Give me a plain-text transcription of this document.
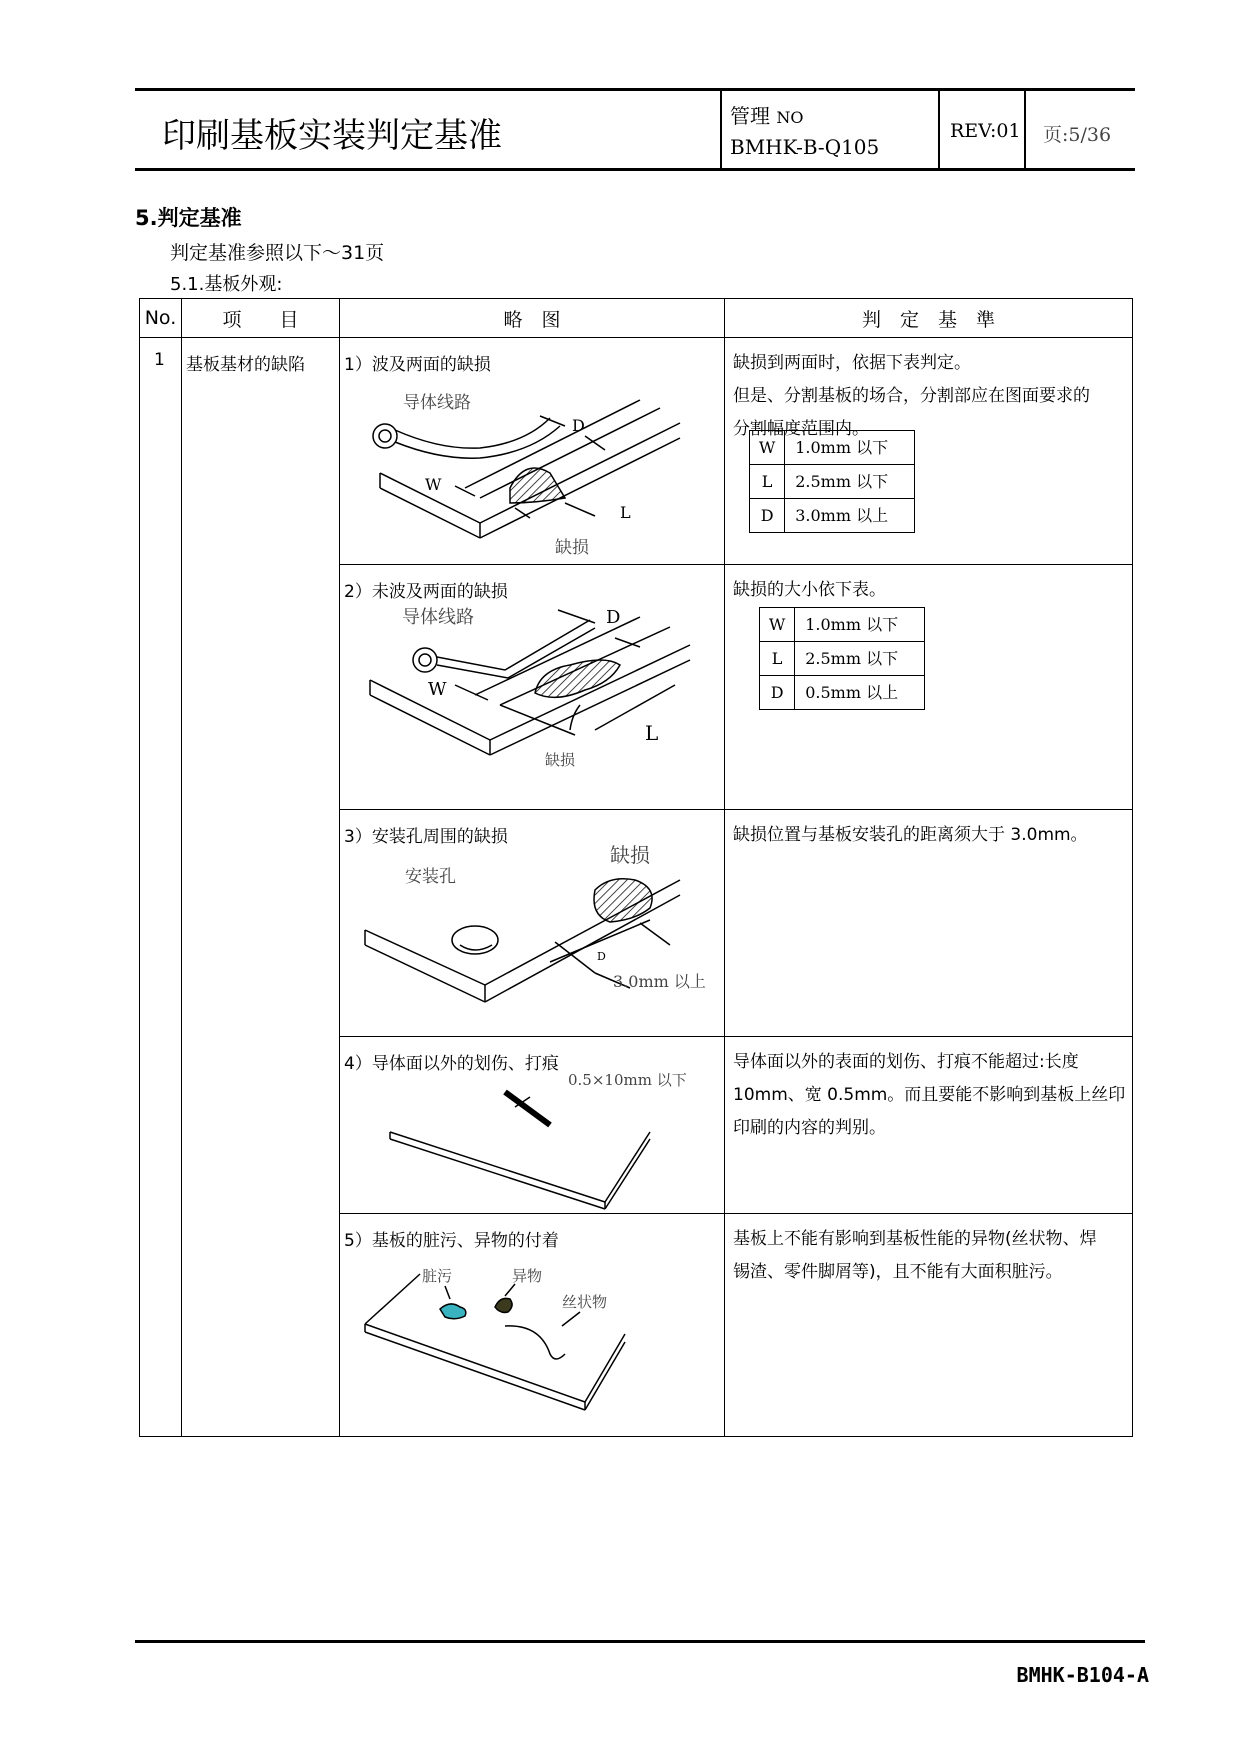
印刷基板实装判定基准	管理 NO
BMHK-B-Q105
REV:01 页:5/36
5.判定基准
判定基准参照以下～31页
5.1.基板外观:
No.	项　　目	略　图	判　定　基　準
1	基板基材的缺陷	1）波及两面的缺损
导体线路
D
W
L
缺损

缺损到两面时，依据下表判定。
但是、分割基板的场合，分割部应在图面要求的
分割幅度范围内。
W	1.0mm 以下
L	2.5mm 以下
D	3.0mm 以上

2）未波及两面的缺损
导体线路	D
W
L
缺损

缺损的大小依下表。
W	1.0mm 以下
L	2.5mm 以下
D	0.5mm 以上

3）安装孔周围的缺损
安装孔
缺损
D
3.0mm 以上

缺损位置与基板安装孔的距离须大于 3.0mm。

4）导体面以外的划伤、打痕
0.5×10mm 以下

导体面以外的表面的划伤、打痕不能超过:长度
10mm、宽 0.5mm。而且要能不影响到基板上丝印
印刷的内容的判别。

5）基板的脏污、异物的付着
脏污	异物
丝状物

基板上不能有影响到基板性能的异物(丝状物、焊
锡渣、零件脚屑等)，且不能有大面积脏污。
BMHK-B104-A
